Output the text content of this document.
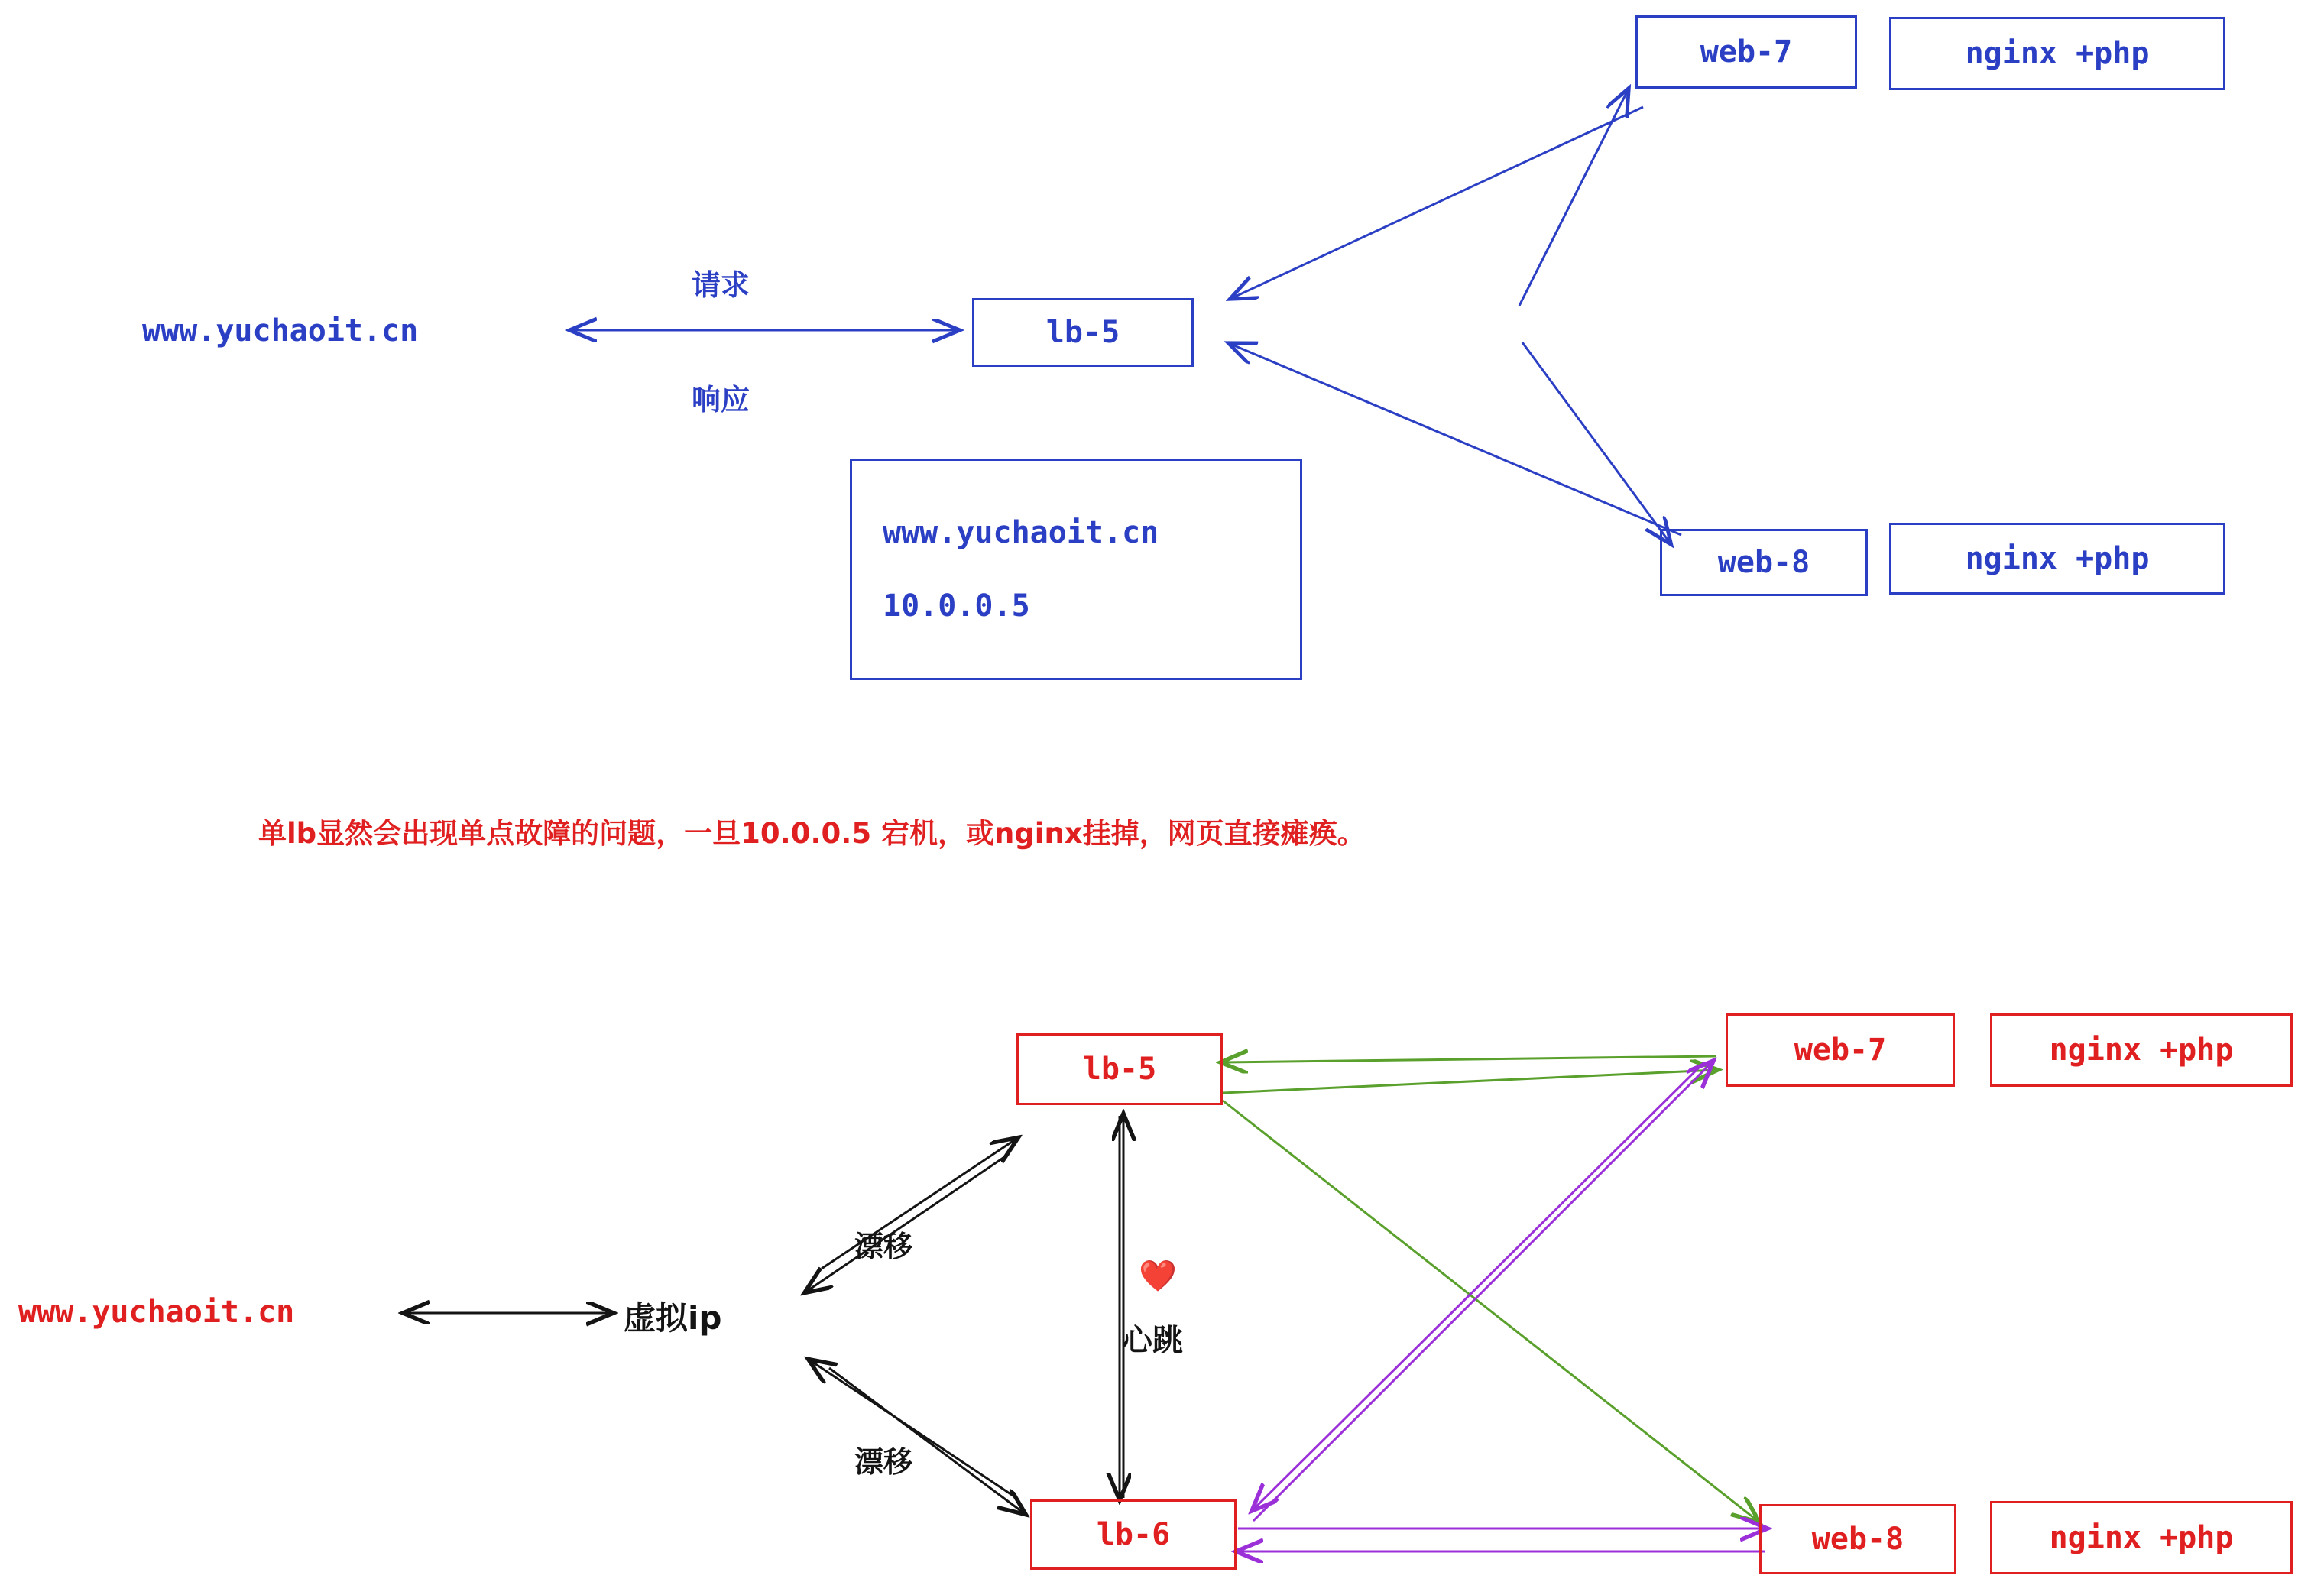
www.yuchaoit.cn
请求
响应
lb-5
web-7	nginx +php
web-8	nginx +php
www.yuchaoit.cn
10.0.0.5
单lb显然会出现单点故障的问题，一旦10.0.0.5 宕机，或nginx挂掉，网页直接瘫痪。
www.yuchaoit.cn	虚拟ip
漂移
漂移
❤️
心跳
lb-5
lb-6
web-7	nginx +php
web-8	nginx +php
